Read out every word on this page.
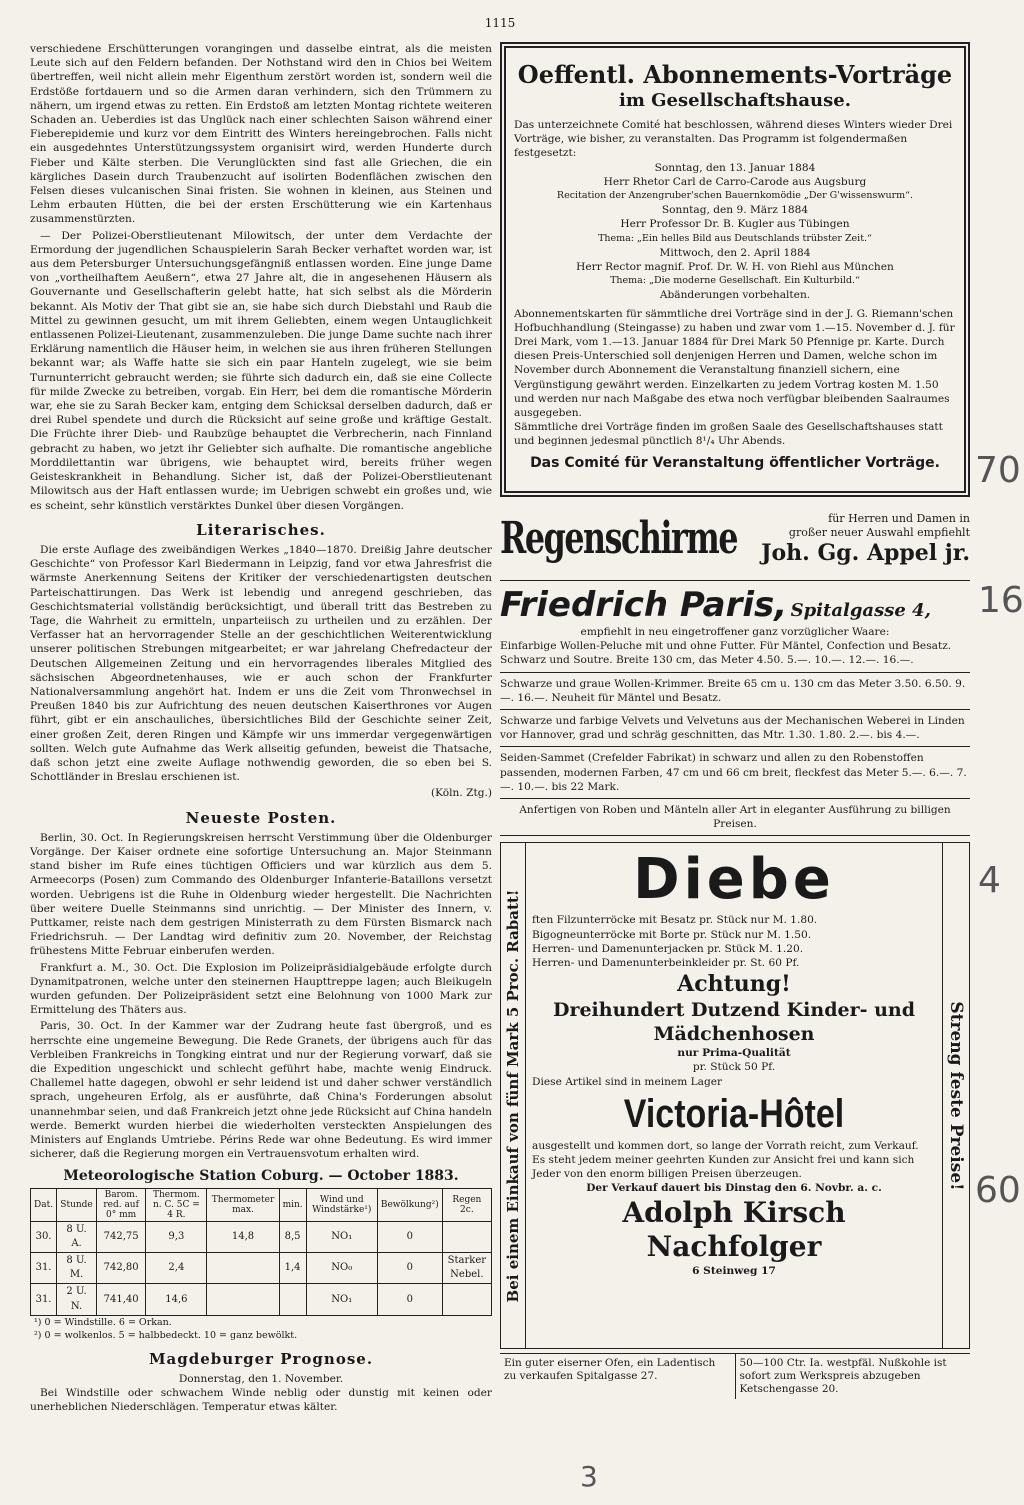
1115

verschiedene Erschütterungen vorangingen und dasselbe eintrat, als die meisten Leute sich auf den Feldern befanden. Der Nothstand wird den in Chios bei Weitem übertreffen, weil nicht allein mehr Eigenthum zerstört worden ist, sondern weil die Erdstöße fortdauern und so die Armen daran verhindern, sich den Trümmern zu nähern, um irgend etwas zu retten. Ein Erdstoß am letzten Montag richtete weiteren Schaden an. Ueberdies ist das Unglück nach einer schlechten Saison während einer Fieberepidemie und kurz vor dem Eintritt des Winters hereingebrochen. Falls nicht ein ausgedehntes Unterstützungssystem organisirt wird, werden Hunderte durch Fieber und Kälte sterben. Die Verunglückten sind fast alle Griechen, die ein kärgliches Dasein durch Traubenzucht auf isolirten Bodenflächen zwischen den Felsen dieses vulcanischen Sinai fristen. Sie wohnen in kleinen, aus Steinen und Lehm erbauten Hütten, die bei der ersten Erschütterung wie ein Kartenhaus zusammenstürzten.

— Der Polizei-Oberstlieutenant Milowitsch, der unter dem Verdachte der Ermordung der jugendlichen Schauspielerin Sarah Becker verhaftet worden war, ist aus dem Petersburger Untersuchungsgefängniß entlassen worden. Eine junge Dame von „vortheilhaftem Aeußern“, etwa 27 Jahre alt, die in angesehenen Häusern als Gouvernante und Gesellschafterin gelebt hatte, hat sich selbst als die Mörderin bekannt. Als Motiv der That gibt sie an, sie habe sich durch Diebstahl und Raub die Mittel zu gewinnen gesucht, um mit ihrem Geliebten, einem wegen Untauglichkeit entlassenen Polizei-Lieutenant, zusammenzuleben. Die junge Dame suchte nach ihrer Erklärung namentlich die Häuser heim, in welchen sie aus ihren früheren Stellungen bekannt war; als Waffe hatte sie sich ein paar Hanteln zugelegt, wie sie beim Turnunterricht gebraucht werden; sie führte sich dadurch ein, daß sie eine Collecte für milde Zwecke zu betreiben, vorgab. Ein Herr, bei dem die romantische Mörderin war, ehe sie zu Sarah Becker kam, entging dem Schicksal derselben dadurch, daß er drei Rubel spendete und durch die Rücksicht auf seine große und kräftige Gestalt. Die Früchte ihrer Dieb- und Raubzüge behauptet die Verbrecherin, nach Finnland gebracht zu haben, wo jetzt ihr Geliebter sich aufhalte. Die romantische angebliche Morddilettantin war übrigens, wie behauptet wird, bereits früher wegen Geisteskrankheit in Behandlung. Sicher ist, daß der Polizei-Oberstlieutenant Milowitsch aus der Haft entlassen wurde; im Uebrigen schwebt ein großes und, wie es scheint, sehr künstlich verstärktes Dunkel über diesen Vorgängen.

Literarisches.

Die erste Auflage des zweibändigen Werkes „1840—1870. Dreißig Jahre deutscher Geschichte“ von Professor Karl Biedermann in Leipzig, fand vor etwa Jahresfrist die wärmste Anerkennung Seitens der Kritiker der verschiedenartigsten deutschen Parteischattirungen. Das Werk ist lebendig und anregend geschrieben, das Geschichtsmaterial vollständig berücksichtigt, und überall tritt das Bestreben zu Tage, die Wahrheit zu ermitteln, unparteiisch zu urtheilen und zu erzählen. Der Verfasser hat an hervorragender Stelle an der geschichtlichen Weiterentwicklung unserer politischen Strebungen mitgearbeitet; er war jahrelang Chefredacteur der Deutschen Allgemeinen Zeitung und ein hervorragendes liberales Mitglied des sächsischen Abgeordnetenhauses, wie er auch schon der Frankfurter Nationalversammlung angehört hat. Indem er uns die Zeit vom Thronwechsel in Preußen 1840 bis zur Aufrichtung des neuen deutschen Kaiserthrones vor Augen führt, gibt er ein anschauliches, übersichtliches Bild der Geschichte seiner Zeit, einer großen Zeit, deren Ringen und Kämpfe wir uns immerdar vergegenwärtigen sollten. Welch gute Aufnahme das Werk allseitig gefunden, beweist die Thatsache, daß schon jetzt eine zweite Auflage nothwendig geworden, die so eben bei S. Schottländer in Breslau erschienen ist.

(Köln. Ztg.)
Neueste Posten.

Berlin, 30. Oct. In Regierungskreisen herrscht Verstimmung über die Oldenburger Vorgänge. Der Kaiser ordnete eine sofortige Untersuchung an. Major Steinmann stand bisher im Rufe eines tüchtigen Officiers und war kürzlich aus dem 5. Armeecorps (Posen) zum Commando des Oldenburger Infanterie-Bataillons versetzt worden. Uebrigens ist die Ruhe in Oldenburg wieder hergestellt. Die Nachrichten über weitere Duelle Steinmanns sind unrichtig. — Der Minister des Innern, v. Puttkamer, reiste nach dem gestrigen Ministerrath zu dem Fürsten Bismarck nach Friedrichsruh. — Der Landtag wird definitiv zum 20. November, der Reichstag frühestens Mitte Februar einberufen werden.

Frankfurt a. M., 30. Oct. Die Explosion im Polizeipräsidialgebäude erfolgte durch Dynamitpatronen, welche unter den steinernen Haupttreppe lagen; auch Bleikugeln wurden gefunden. Der Polizeipräsident setzt eine Belohnung von 1000 Mark zur Ermittelung des Thäters aus.

Paris, 30. Oct. In der Kammer war der Zudrang heute fast übergroß, und es herrschte eine ungemeine Bewegung. Die Rede Granets, der übrigens auch für das Verbleiben Frankreichs in Tongking eintrat und nur der Regierung vorwarf, daß sie die Expedition ungeschickt und schlecht geführt habe, machte wenig Eindruck. Challemel hatte dagegen, obwohl er sehr leidend ist und daher schwer verständlich sprach, ungeheuren Erfolg, als er ausführte, daß China's Forderungen absolut unannehmbar seien, und daß Frankreich jetzt ohne jede Rücksicht auf China handeln werde. Bemerkt wurden hierbei die wiederholten versteckten Anspielungen des Ministers auf Englands Umtriebe. Périns Rede war ohne Bedeutung. Es wird immer sicherer, daß die Regierung morgen ein Vertrauensvotum erhalten wird.

Meteorologische Station Coburg. — October 1883.
Dat.	Stunde	Barom. red. auf 0° mm	Thermom. n. C. 5C = 4 R.	Thermometer max.	min.	Wind und Windstärke¹)	Bewölkung²)	Regen 2c.
30.	8 U. A.	742,75	9,3	14,8	8,5	NO₁	0	
31.	8 U. M.	742,80	2,4		1,4	NO₀	0	Starker Nebel.
31.	2 U. N.	741,40	14,6			NO₁	0	
¹) 0 = Windstille. 6 = Orkan.
²) 0 = wolkenlos. 5 = halbbedeckt. 10 = ganz bewölkt.
Magdeburger Prognose.
Donnerstag, den 1. November.

Bei Windstille oder schwachem Winde neblig oder dunstig mit keinen oder unerheblichen Niederschlägen. Temperatur etwas kälter.

Oeffentl. Abonnements-Vorträge
im Gesellschaftshause.
Das unterzeichnete Comité hat beschlossen, während dieses Winters wieder Drei Vorträge, wie bisher, zu veranstalten. Das Programm ist folgendermaßen festgesetzt:
Sonntag, den 13. Januar 1884
Herr Rhetor Carl de Carro-Carode aus Augsburg
Recitation der Anzengruber'schen Bauernkomödie „Der G'wissenswurm“.
Sonntag, den 9. März 1884
Herr Professor Dr. B. Kugler aus Tübingen
Thema: „Ein helles Bild aus Deutschlands trübster Zeit.“
Mittwoch, den 2. April 1884
Herr Rector magnif. Prof. Dr. W. H. von Riehl aus München
Thema: „Die moderne Gesellschaft. Ein Kulturbild.“
Abänderungen vorbehalten.
Abonnementskarten für sämmtliche drei Vorträge sind in der J. G. Riemann'schen Hofbuchhandlung (Steingasse) zu haben und zwar vom 1.—15. November d. J. für Drei Mark, vom 1.—13. Januar 1884 für Drei Mark 50 Pfennige pr. Karte. Durch diesen Preis-Unterschied soll denjenigen Herren und Damen, welche schon im November durch Abonnement die Veranstaltung finanziell sichern, eine Vergünstigung gewährt werden. Einzelkarten zu jedem Vortrag kosten M. 1.50 und werden nur nach Maßgabe des etwa noch verfügbar bleibenden Saalraumes ausgegeben.
Sämmtliche drei Vorträge finden im großen Saale des Gesellschaftshauses statt und beginnen jedesmal pünctlich 8¹/₄ Uhr Abends.
Das Comité für Veranstaltung öffentlicher Vorträge.
Regenschirme	für Herren und Damen in
großer neuer Auswahl empfiehlt
Joh. Gg. Appel jr.
Friedrich Paris, Spitalgasse 4,
empfiehlt in neu eingetroffener ganz vorzüglicher Waare:
Einfarbige Wollen-Peluche mit und ohne Futter. Für Mäntel, Confection und Besatz. Schwarz und Soutre. Breite 130 cm, das Meter 4.50. 5.—. 10.—. 12.—. 16.—.
Schwarze und graue Wollen-Krimmer. Breite 65 cm u. 130 cm das Meter 3.50. 6.50. 9.—. 16.—. Neuheit für Mäntel und Besatz.
Schwarze und farbige Velvets und Velvetuns aus der Mechanischen Weberei in Linden vor Hannover, grad und schräg geschnitten, das Mtr. 1.30. 1.80. 2.—. bis 4.—.
Seiden-Sammet (Crefelder Fabrikat) in schwarz und allen zu den Robenstoffen passenden, modernen Farben, 47 cm und 66 cm breit, fleckfest das Meter 5.—. 6.—. 7.—. 10.—. bis 22 Mark.
Anfertigen von Roben und Mänteln aller Art in eleganter Ausführung zu billigen Preisen.
Bei einem Einkauf von fünf Mark 5 Proc. Rabatt!
Diebe
ften Filzunterröcke mit Besatz pr. Stück nur M. 1.80.
Bigogneunterröcke mit Borte pr. Stück nur M. 1.50.
Herren- und Damenunterjacken pr. Stück M. 1.20.
Herren- und Damenunterbeinkleider pr. St. 60 Pf.
Achtung!
Dreihundert Dutzend Kinder- und Mädchenhosen
nur Prima-Qualität
pr. Stück 50 Pf.
Diese Artikel sind in meinem Lager
Victoria-Hôtel
ausgestellt und kommen dort, so lange der Vorrath reicht, zum Verkauf.
Es steht jedem meiner geehrten Kunden zur Ansicht frei und kann sich Jeder von den enorm billigen Preisen überzeugen.
Der Verkauf dauert bis Dinstag den 6. Novbr. a. c.
Adolph Kirsch Nachfolger
6 Steinweg 17
Streng feste Preise!
Ein guter eiserner Ofen, ein Ladentisch zu verkaufen Spitalgasse 27.
50—100 Ctr. Ia. westpfäl. Nußkohle ist sofort zum Werkspreis abzugeben Ketschengasse 20.
70
16
4
60
3
